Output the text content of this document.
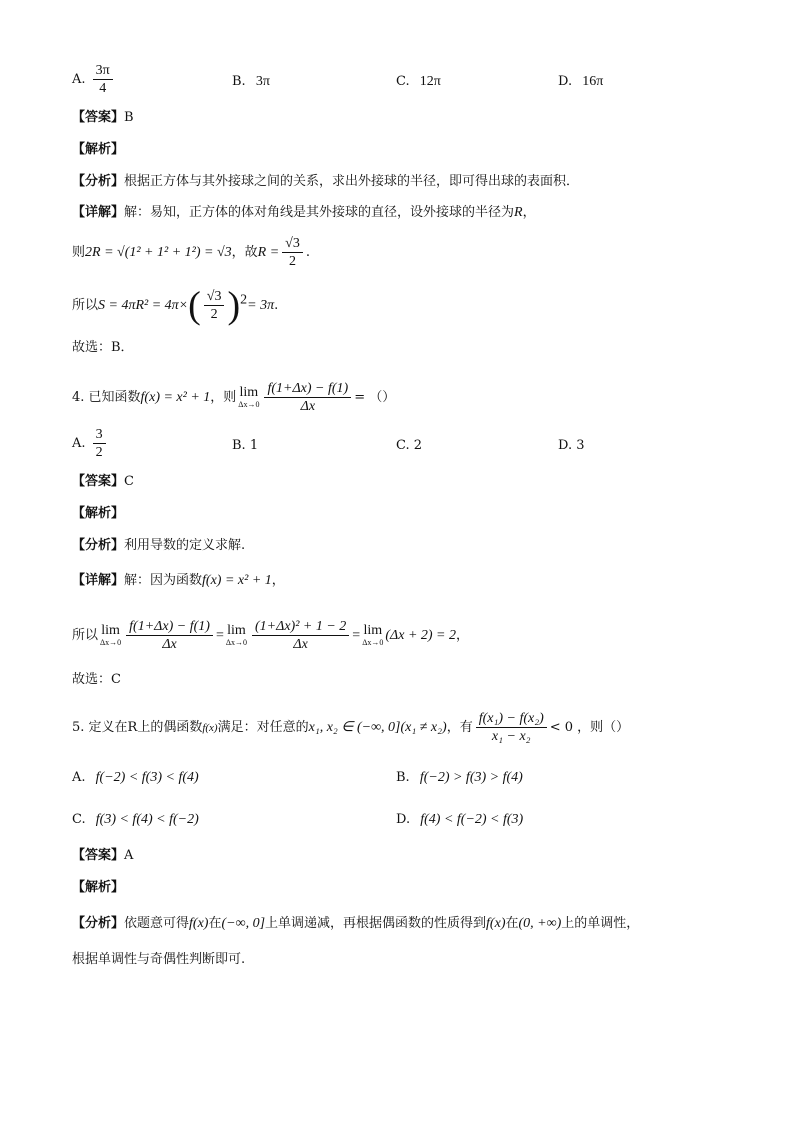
A. $\frac{3\pi}{4}$	B. 3π	C. 12π	D. 16π
【答案】B
【解析】
【分析】根据正方体与其外接球之间的关系，求出外接球的半径，即可得出球的表面积．
【详解】解：易知，正方体的体对角线是其外接球的直径，设外接球的半径为R，
则2R = √(1² + 1² + 1²) = √3，故$R = \frac{√3}{2}$ .
所以$S = 4\pi R^2 = 4\pi\times( \frac{√3}{2} )^2= 3\pi$.
故选：B．
4. 已知函数f(x) = x² + 1，则 lim
$\Delta x\to 0 \frac{f(1+\Delta x) - f(1)}{\Delta x}$ = （）
A. $\frac{3}{2}$	B. 1	C. 2	D. 3
【答案】C
【解析】
【分析】利用导数的定义求解.
【详解】解：因为函数f(x) = x² + 1，
所以 lim
$\Delta x\to 0 \frac{f(1+\Delta x) - f(1)}{\Delta x} = \lim$
$\Delta x\to 0 \frac{\text{(1+Δx)² + 1 − 2}}{\Delta x} = \lim$
Δx→0 (Δx + 2) = 2，
故选：C
5. 定义在R上的偶函数f(x)满足：对任意的x₁, x₂ ∈ (−∞, 0](x₁ ≠ x₂)，有 $\frac{\text{f(x₁) − f(x₂)}}{\text{x₁ − x₂}} < 0$ ，则（）
A. f(−2) < f(3) < f(4)	B. f(−2) > f(3) > f(4)
C. f(3) < f(4) < f(−2)	D. f(4) < f(−2) < f(3)
【答案】A
【解析】
【分析】依题意可得f(x)在(−∞, 0]上单调递减，再根据偶函数的性质得到f(x)在(0, +∞)上的单调性，
根据单调性与奇偶性判断即可.
